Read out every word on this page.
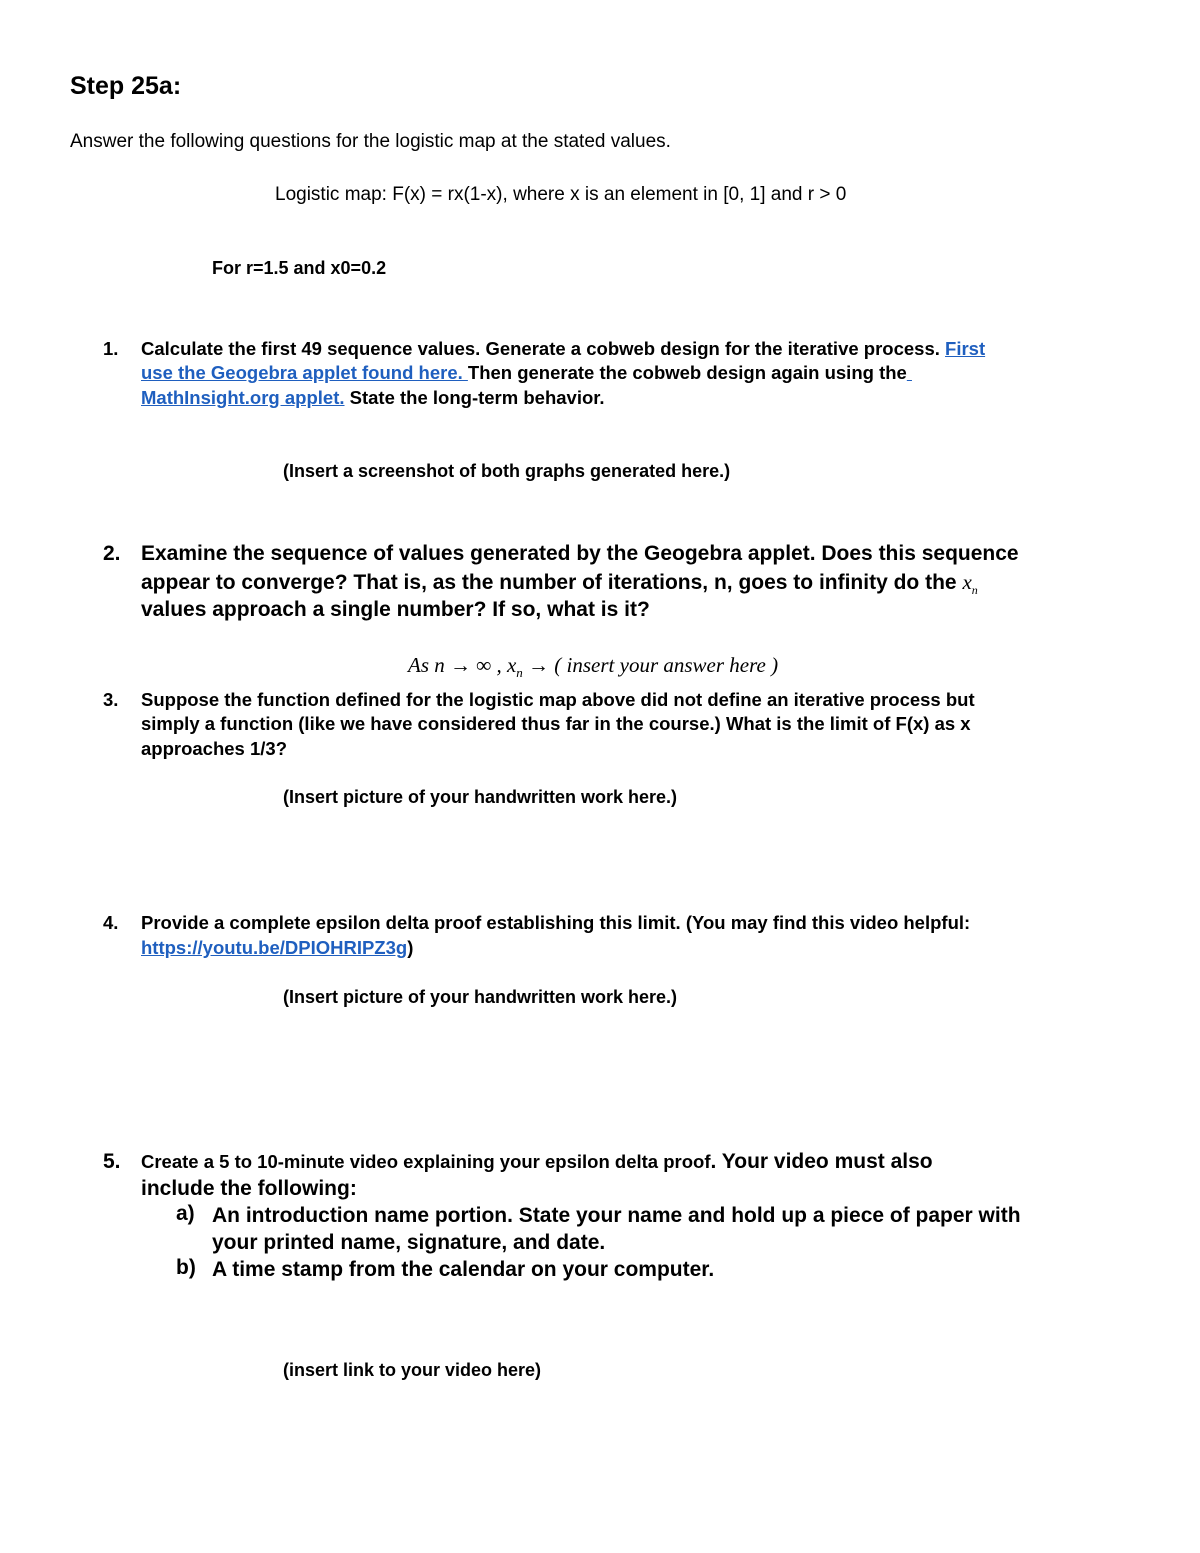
Step 25a:
Answer the following questions for the logistic map at the stated values.
Logistic map: F(x) = rx(1-x), where x is an element in [0, 1] and r > 0
For r=1.5 and x0=0.2
1. Calculate the first 49 sequence values. Generate a cobweb design for the iterative process. First
use the Geogebra applet found here. Then generate the cobweb design again using the
MathInsight.org applet. State the long-term behavior.
(Insert a screenshot of both graphs generated here.)
2. Examine the sequence of values generated by the Geogebra applet. Does this sequence
appear to converge? That is, as the number of iterations, n, goes to infinity do the $x_n$
values approach a single number? If so, what is it?
As n → ∞ , $x_n$ → ( insert your answer here )
3. Suppose the function defined for the logistic map above did not define an iterative process but
simply a function (like we have considered thus far in the course.) What is the limit of F(x) as x
approaches 1/3?
(Insert picture of your handwritten work here.)
4. Provide a complete epsilon delta proof establishing this limit. (You may find this video helpful:
https://youtu.be/DPIOHRIPZ3g)
(Insert picture of your handwritten work here.)
5. Create a 5 to 10-minute video explaining your epsilon delta proof. Your video must also
include the following:
a) An introduction name portion. State your name and hold up a piece of paper with
your printed name, signature, and date.
b) A time stamp from the calendar on your computer.
(insert link to your video here)
